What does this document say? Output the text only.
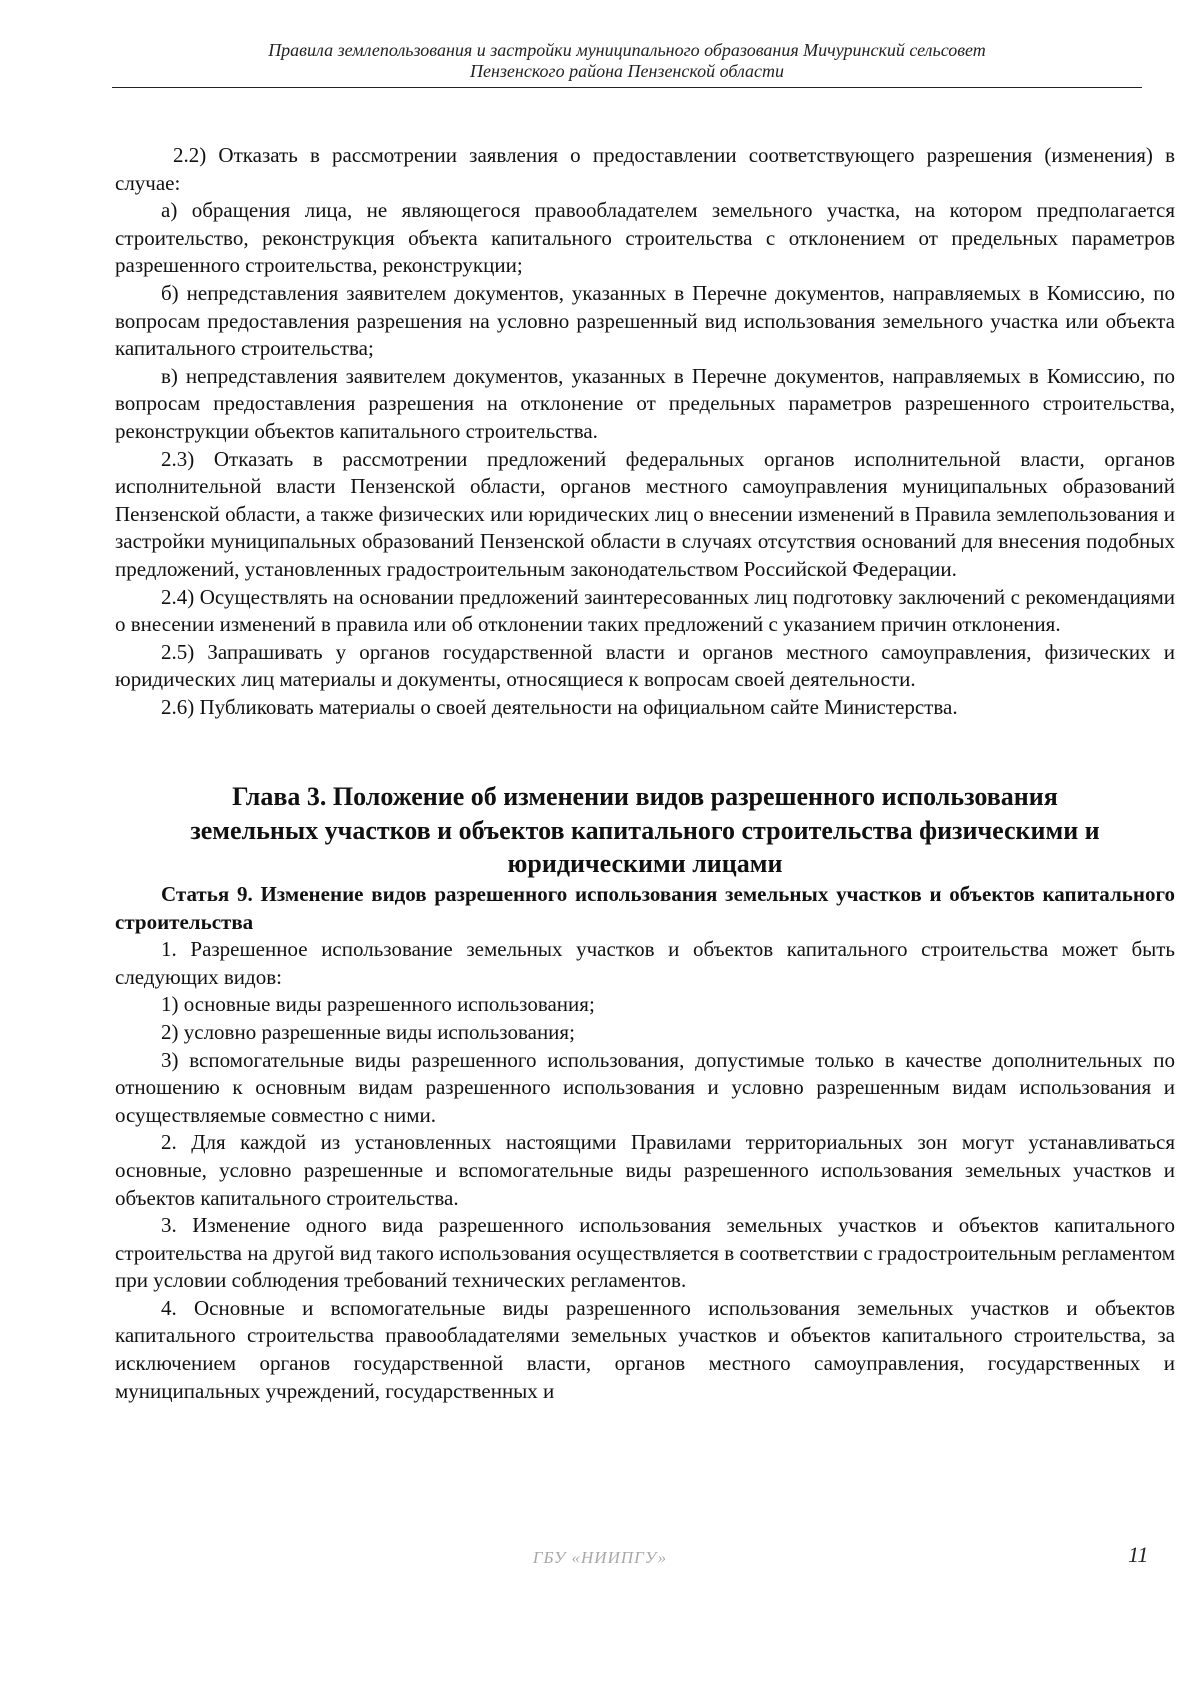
Правила землепользования и застройки муниципального образования Мичуринский сельсовет
Пензенского района Пензенской области

2.2) Отказать в рассмотрении заявления о предоставлении соответствующего разрешения (изменения) в случае:

а) обращения лица, не являющегося правообладателем земельного участка, на котором предполагается строительство, реконструкция объекта капитального строительства с отклонением от предельных параметров разрешенного строительства, реконструкции;

б) непредставления заявителем документов, указанных в Перечне документов, направляемых в Комиссию, по вопросам предоставления разрешения на условно разрешенный вид использования земельного участка или объекта капитального строительства;

в) непредставления заявителем документов, указанных в Перечне документов, направляемых в Комиссию, по вопросам предоставления разрешения на отклонение от предельных параметров разрешенного строительства, реконструкции объектов капитального строительства.

2.3) Отказать в рассмотрении предложений федеральных органов исполнительной власти, органов исполнительной власти Пензенской области, органов местного самоуправления муниципальных образований Пензенской области, а также физических или юридических лиц о внесении изменений в Правила землепользования и застройки муниципальных образований Пензенской области в случаях отсутствия оснований для внесения подобных предложений, установленных градостроительным законодательством Российской Федерации.

2.4) Осуществлять на основании предложений заинтересованных лиц подготовку заключений с рекомендациями о внесении изменений в правила или об отклонении таких предложений с указанием причин отклонения.

2.5) Запрашивать у органов государственной власти и органов местного самоуправления, физических и юридических лиц материалы и документы, относящиеся к вопросам своей деятельности.

2.6) Публиковать материалы о своей деятельности на официальном сайте Министерства.

Глава 3. Положение об изменении видов разрешенного использования
земельных участков и объектов капитального строительства физическими и
юридическими лицами

Статья 9. Изменение видов разрешенного использования земельных участков и объектов капитального строительства

1. Разрешенное использование земельных участков и объектов капитального строительства может быть следующих видов:

1) основные виды разрешенного использования;

2) условно разрешенные виды использования;

3) вспомогательные виды разрешенного использования, допустимые только в качестве дополнительных по отношению к основным видам разрешенного использования и условно разрешенным видам использования и осуществляемые совместно с ними.

2. Для каждой из установленных настоящими Правилами территориальных зон могут устанавливаться основные, условно разрешенные и вспомогательные виды разрешенного использования земельных участков и объектов капитального строительства.

3. Изменение одного вида разрешенного использования земельных участков и объектов капитального строительства на другой вид такого использования осуществляется в соответствии с градостроительным регламентом при условии соблюдения требований технических регламентов.

4. Основные и вспомогательные виды разрешенного использования земельных участков и объектов капитального строительства правообладателями земельных участков и объектов капитального строительства, за исключением органов государственной власти, органов местного самоуправления, государственных и муниципальных учреждений, государственных и

ГБУ «НИИПГУ»	11
